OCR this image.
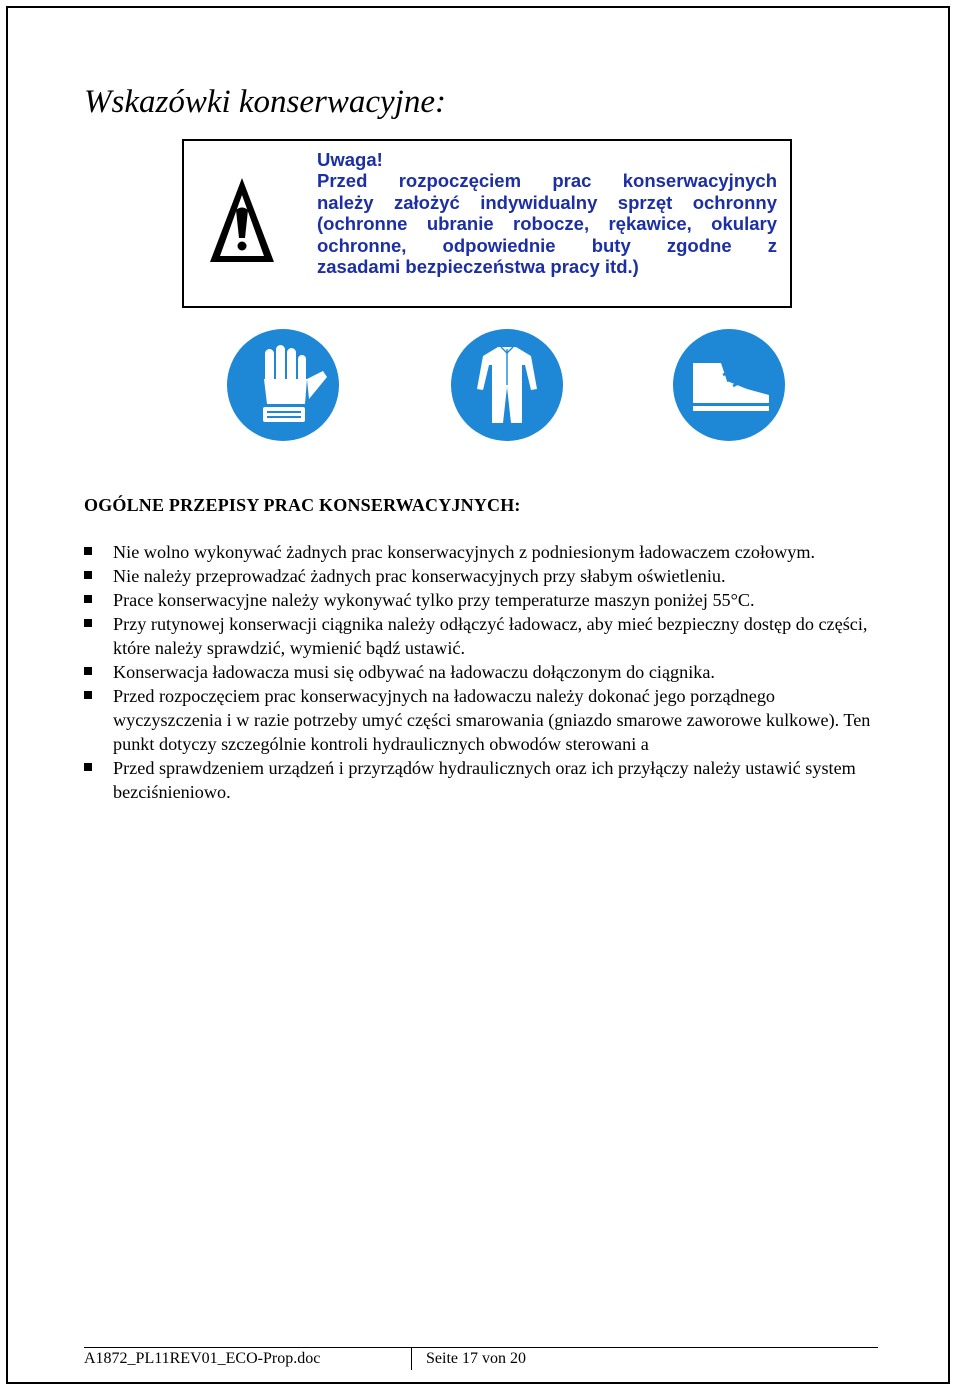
Wskazówki konserwacyjne:
Uwaga!
Przed rozpoczęciem prac konserwacyjnych
należy założyć indywidualny sprzęt ochronny
(ochronne ubranie robocze, rękawice, okulary
ochronne, odpowiednie buty zgodne z
zasadami bezpieczeństwa pracy itd.)
OGÓLNE PRZEPISY PRAC KONSERWACYJNYCH:
Nie wolno wykonywać żadnych prac konserwacyjnych z podniesionym ładowaczem czołowym.
Nie należy przeprowadzać żadnych prac konserwacyjnych przy słabym oświetleniu.
Prace konserwacyjne należy wykonywać tylko przy temperaturze maszyn poniżej 55°C.
Przy rutynowej konserwacji ciągnika należy odłączyć ładowacz, aby mieć bezpieczny dostęp do części, które należy sprawdzić, wymienić bądź ustawić.
Konserwacja ładowacza musi się odbywać na ładowaczu dołączonym do ciągnika.
Przed rozpoczęciem prac konserwacyjnych na ładowaczu należy dokonać jego porządnego wyczyszczenia i w razie potrzeby umyć części smarowania (gniazdo smarowe zaworowe kulkowe). Ten punkt dotyczy szczególnie kontroli hydraulicznych obwodów sterowani a
Przed sprawdzeniem urządzeń i przyrządów hydraulicznych oraz ich przyłączy należy ustawić system bezciśnieniowo.
A1872_PL11REV01_ECO-Prop.doc	Seite 17 von 20
